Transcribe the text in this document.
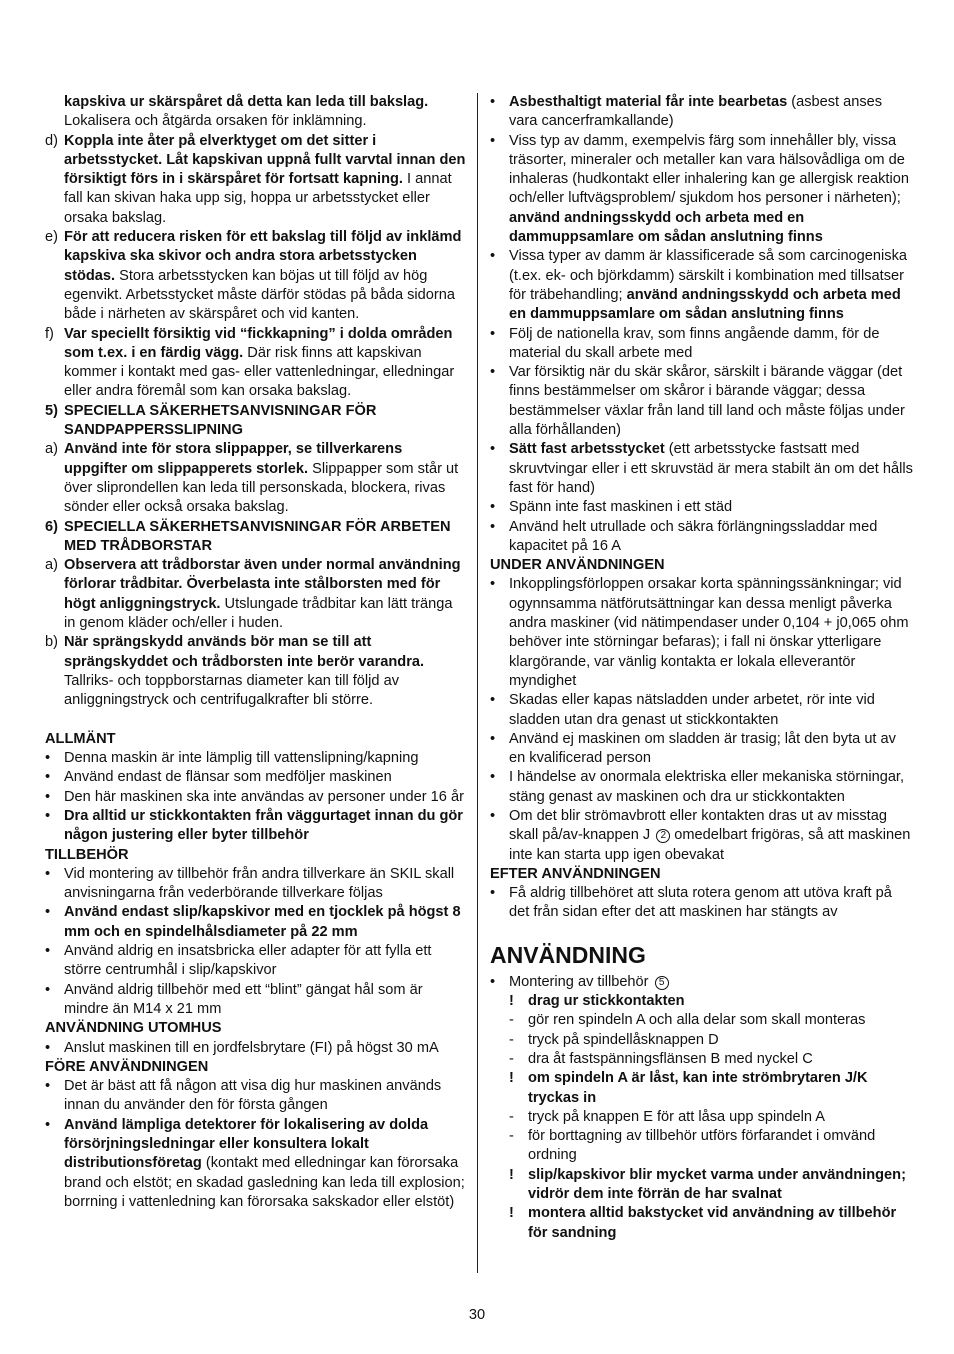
kapskiva ur skärspåret då detta kan leda till bakslag.
Lokalisera och åtgärda orsaken för inklämning.
d) Koppla inte åter på elverktyget om det sitter i arbetsstycket. Låt kapskivan uppnå fullt varvtal innan den försiktigt förs in i skärspåret för fortsatt kapning. I annat fall kan skivan haka upp sig, hoppa ur arbetsstycket eller orsaka bakslag.
e) För att reducera risken för ett bakslag till följd av inklämd kapskiva ska skivor och andra stora arbetsstycken stödas. Stora arbetsstycken kan böjas ut till följd av hög egenvikt. Arbetsstycket måste därför stödas på båda sidorna både i närheten av skärspåret och vid kanten.
f) Var speciellt försiktig vid “fickkapning” i dolda områden som t.ex. i en färdig vägg. Där risk finns att kapskivan kommer i kontakt med gas- eller vattenledningar, elledningar eller andra föremål som kan orsaka bakslag.
5) SPECIELLA SÄKERHETSANVISNINGAR FÖR SANDPAPPERSSLIPNING
a) Använd inte för stora slippapper, se tillverkarens uppgifter om slippapperets storlek. Slippapper som står ut över sliprondellen kan leda till personskada, blockera, rivas sönder eller också orsaka bakslag.
6) SPECIELLA SÄKERHETSANVISNINGAR FÖR ARBETEN MED TRÅDBORSTAR
a) Observera att trådborstar även under normal användning förlorar trådbitar. Överbelasta inte stålborsten med för högt anliggningstryck. Utslungade trådbitar kan lätt tränga in genom kläder och/eller i huden.
b) När sprängskydd används bör man se till att sprängskyddet och trådborsten inte berör varandra. Tallriks- och toppborstarnas diameter kan till följd av anliggningstryck och centrifugalkrafter bli större.
ALLMÄNT
• Denna maskin är inte lämplig till vattenslipning/kapning
• Använd endast de flänsar som medföljer maskinen
• Den här maskinen ska inte användas av personer under 16 år
• Dra alltid ur stickkontakten från väggurtaget innan du gör någon justering eller byter tillbehör
TILLBEHÖR
• Vid montering av tillbehör från andra tillverkare än SKIL skall anvisningarna från vederbörande tillverkare följas
• Använd endast slip/kapskivor med en tjocklek på högst 8 mm och en spindelhålsdiameter på 22 mm
• Använd aldrig en insatsbricka eller adapter för att fylla ett större centrumhål i slip/kapskivor
• Använd aldrig tillbehör med ett “blint” gängat hål som är mindre än M14 x 21 mm
ANVÄNDNING UTOMHUS
• Anslut maskinen till en jordfelsbrytare (FI) på högst 30 mA
FÖRE ANVÄNDNINGEN
• Det är bäst att få någon att visa dig hur maskinen används innan du använder den för första gången
• Använd lämpliga detektorer för lokalisering av dolda försörjningsledningar eller konsultera lokalt distributionsföretag (kontakt med elledningar kan förorsaka brand och elstöt; en skadad gasledning kan leda till explosion; borrning i vattenledning kan förorsaka sakskador eller elstöt)
• Asbesthaltigt material får inte bearbetas (asbest anses vara cancerframkallande)
• Viss typ av damm, exempelvis färg som innehåller bly, vissa träsorter, mineraler och metaller kan vara hälsovådliga om de inhaleras (hudkontakt eller inhalering kan ge allergisk reaktion och/eller luftvägsproblem/ sjukdom hos personer i närheten); använd andningsskydd och arbeta med en dammuppsamlare om sådan anslutning finns
• Vissa typer av damm är klassificerade så som carcinogeniska (t.ex. ek- och björkdamm) särskilt i kombination med tillsatser för träbehandling; använd andningsskydd och arbeta med en dammuppsamlare om sådan anslutning finns
• Följ de nationella krav, som finns angående damm, för de material du skall arbete med
• Var försiktig när du skär skåror, särskilt i bärande väggar (det finns bestämmelser om skåror i bärande väggar; dessa bestämmelser växlar från land till land och måste följas under alla förhållanden)
• Sätt fast arbetsstycket (ett arbetsstycke fastsatt med skruvtvingar eller i ett skruvstäd är mera stabilt än om det hålls fast för hand)
• Spänn inte fast maskinen i ett städ
• Använd helt utrullade och säkra förlängningssladdar med kapacitet på 16 A
UNDER ANVÄNDNINGEN
• Inkopplingsförloppen orsakar korta spänningssänkningar; vid ogynnsamma nätförutsättningar kan dessa menligt påverka andra maskiner (vid nätimpendaser under 0,104 + j0,065 ohm behöver inte störningar befaras); i fall ni önskar ytterligare klargörande, var vänlig kontakta er lokala elleverantör myndighet
• Skadas eller kapas nätsladden under arbetet, rör inte vid sladden utan dra genast ut stickkontakten
• Använd ej maskinen om sladden är trasig; låt den byta ut av en kvalificerad person
• I händelse av onormala elektriska eller mekaniska störningar, stäng genast av maskinen och dra ur stickkontakten
• Om det blir strömavbrott eller kontakten dras ut av misstag skall på/av-knappen J 2 omedelbart frigöras, så att maskinen inte kan starta upp igen obevakat
EFTER ANVÄNDNINGEN
• Få aldrig tillbehöret att sluta rotera genom att utöva kraft på det från sidan efter det att maskinen har stängts av
ANVÄNDNING
• Montering av tillbehör 5
! drag ur stickkontakten
- gör ren spindeln A och alla delar som skall monteras
- tryck på spindellåsknappen D
- dra åt fastspänningsflänsen B med nyckel C
! om spindeln A är låst, kan inte strömbrytaren J/K tryckas in
- tryck på knappen E för att låsa upp spindeln A
- för borttagning av tillbehör utförs förfarandet i omvänd ordning
! slip/kapskivor blir mycket varma under användningen; vidrör dem inte förrän de har svalnat
! montera alltid bakstycket vid användning av tillbehör för sandning
30
